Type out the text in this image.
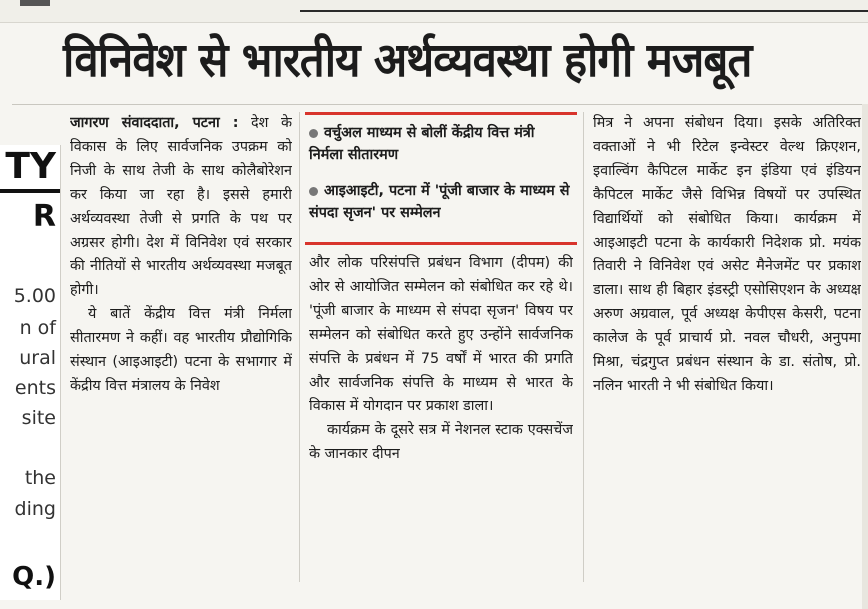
विनिवेश से भारतीय अर्थव्यवस्था होगी मजबूत
TY
R
5.00
n of
ural
ents
site
the
ding
Q.)

जागरण संवाददाता, पटना : देश के विकास के लिए सार्वजनिक उपक्रम को निजी के साथ तेजी के साथ कोलैबोरेशन कर किया जा रहा है। इससे हमारी अर्थव्यवस्था तेजी से प्रगति के पथ पर अग्रसर होगी। देश में विनिवेश एवं सरकार की नीतियों से भारतीय अर्थव्यवस्था मजबूत होगी।

ये बातें केंद्रीय वित्त मंत्री निर्मला सीतारमण ने कहीं। वह भारतीय प्रौद्योगिकि संस्थान (आइआइटी) पटना के सभागार में केंद्रीय वित्त मंत्रालय के निवेश

वर्चुअल माध्यम से बोलीं केंद्रीय वित्त मंत्री निर्मला सीतारमण
आइआइटी, पटना में 'पूंजी बाजार के माध्यम से संपदा सृजन' पर सम्मेलन

और लोक परिसंपत्ति प्रबंधन विभाग (दीपम) की ओर से आयोजित सम्मेलन को संबोधित कर रहे थे। 'पूंजी बाजार के माध्यम से संपदा सृजन' विषय पर सम्मेलन को संबोधित करते हुए उन्होंने सार्वजनिक संपत्ति के प्रबंधन में 75 वर्षों में भारत की प्रगति और सार्वजनिक संपत्ति के माध्यम से भारत के विकास में योगदान पर प्रकाश डाला।

कार्यक्रम के दूसरे सत्र में नेशनल स्टाक एक्सचेंज के जानकार दीपन

मित्र ने अपना संबोधन दिया। इसके अतिरिक्त वक्ताओं ने भी रिटेल इन्वेस्टर वेल्थ क्रिएशन, इवाल्विंग कैपिटल मार्केट इन इंडिया एवं इंडियन कैपिटल मार्केट जैसे विभिन्न विषयों पर उपस्थित विद्यार्थियों को संबोधित किया। कार्यक्रम में आइआइटी पटना के कार्यकारी निदेशक प्रो. मयंक तिवारी ने विनिवेश एवं असेट मैनेजमेंट पर प्रकाश डाला। साथ ही बिहार इंडस्ट्री एसोसिएशन के अध्यक्ष अरुण अग्रवाल, पूर्व अध्यक्ष केपीएस केसरी, पटना कालेज के पूर्व प्राचार्य प्रो. नवल चौधरी, अनुपमा मिश्रा, चंद्रगुप्त प्रबंधन संस्थान के डा. संतोष, प्रो. नलिन भारती ने भी संबोधित किया।
